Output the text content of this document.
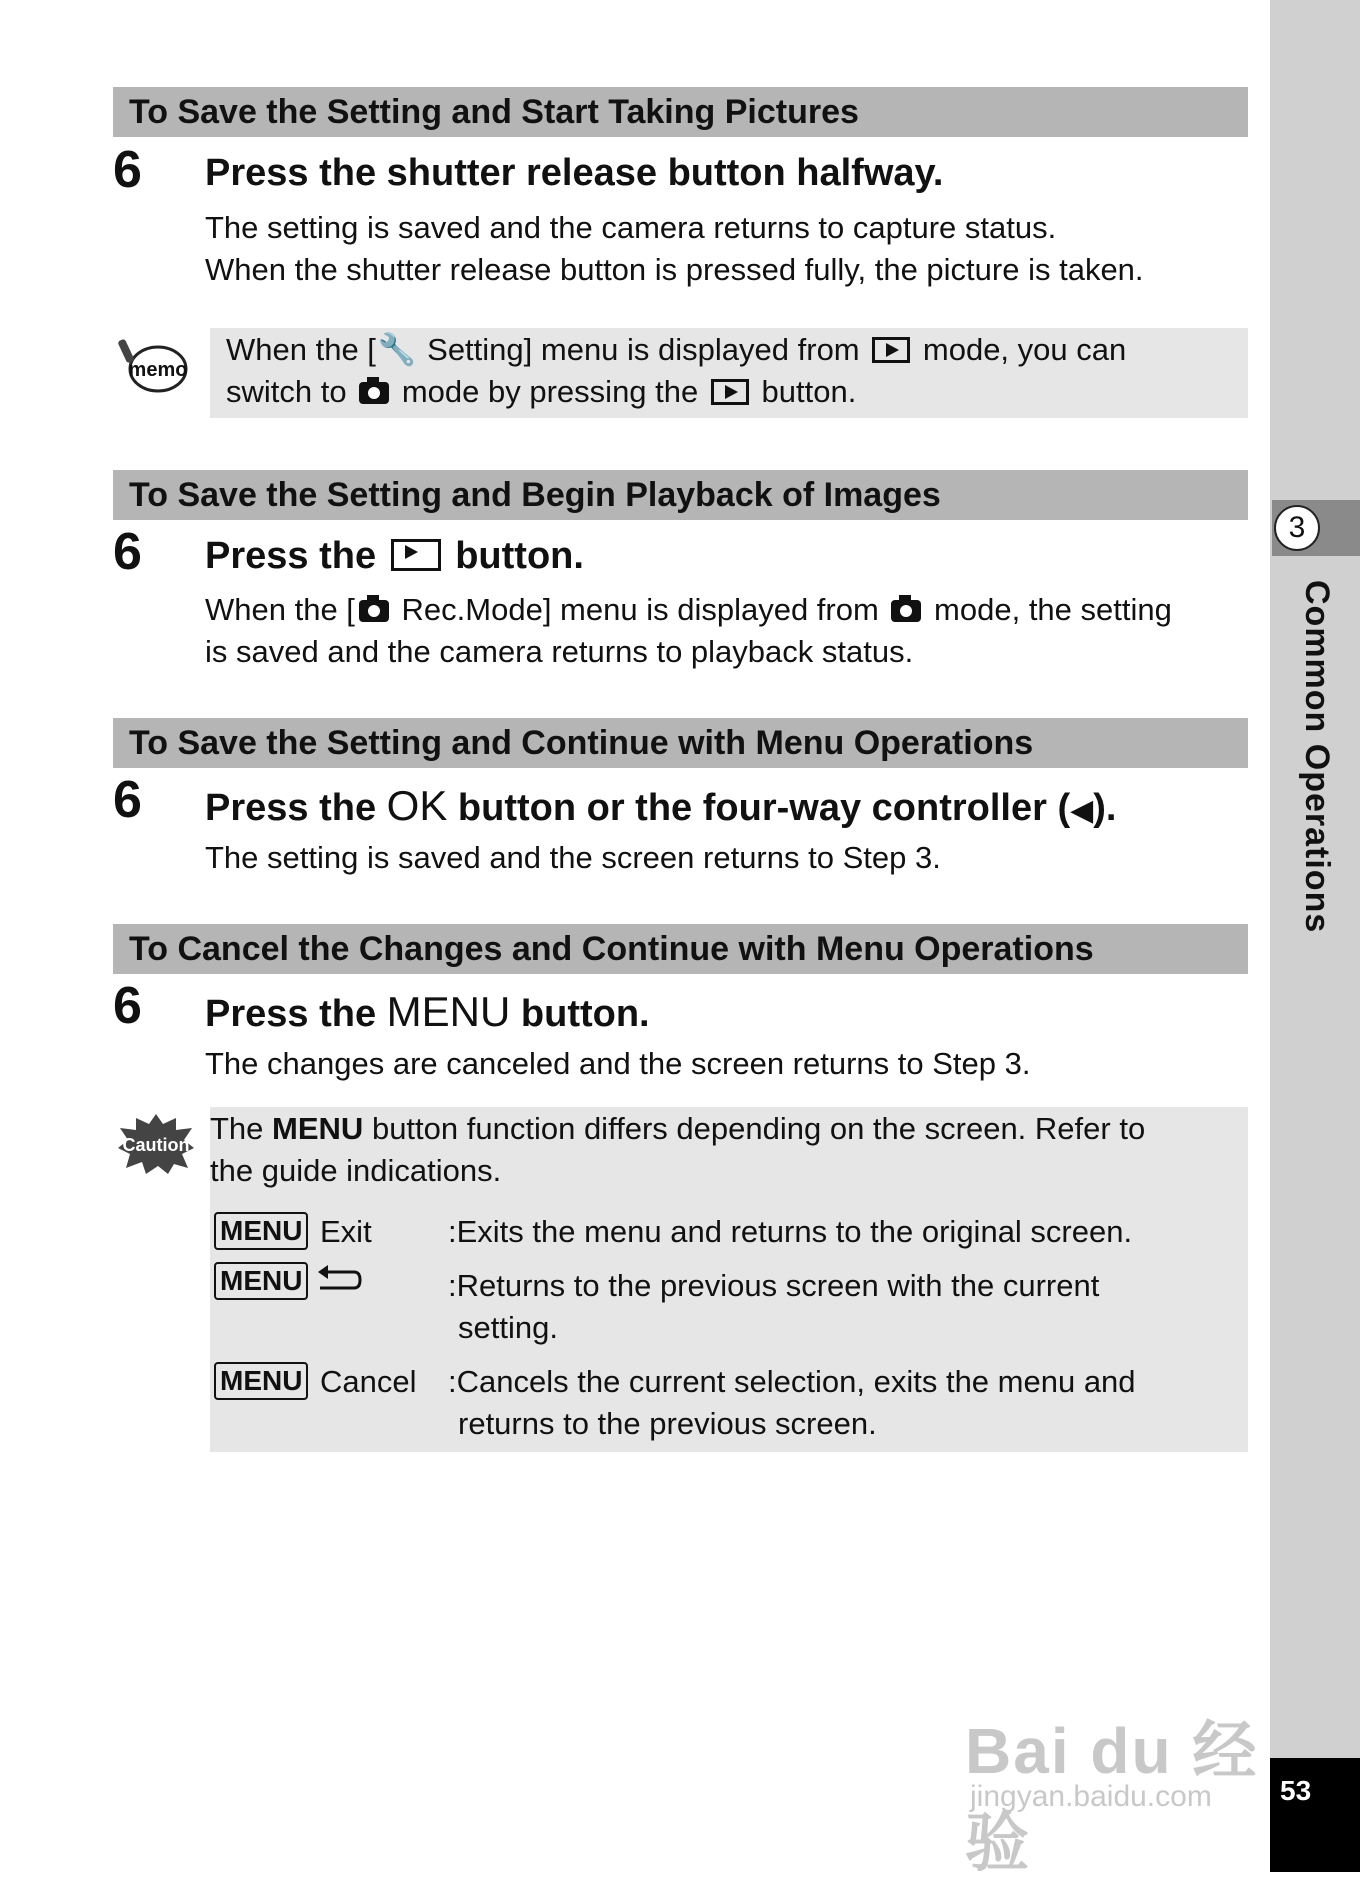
3
Common Operations
53
Bai du 经验
jingyan.baidu.com
To Save the Setting and Start Taking Pictures
6 Press the shutter release button halfway.
The setting is saved and the camera returns to capture status.
When the shutter release button is pressed fully, the picture is taken.
memo
When the [🔧 Setting] menu is displayed from mode, you can
switch to mode by pressing the button.
To Save the Setting and Begin Playback of Images
6 Press the button.
When the [ Rec.Mode] menu is displayed from mode, the setting
is saved and the camera returns to playback status.
To Save the Setting and Continue with Menu Operations
6 Press the OK button or the four-way controller (◀).
The setting is saved and the screen returns to Step 3.
To Cancel the Changes and Continue with Menu Operations
6 Press the MENU button.
The changes are canceled and the screen returns to Step 3.
Caution The MENU button function differs depending on the screen. Refer to
the guide indications.
MENU Exit :Exits the menu and returns to the original screen.
MENU	:Returns to the previous screen with the current
setting.
MENU Cancel :Cancels the current selection, exits the menu and
returns to the previous screen.
